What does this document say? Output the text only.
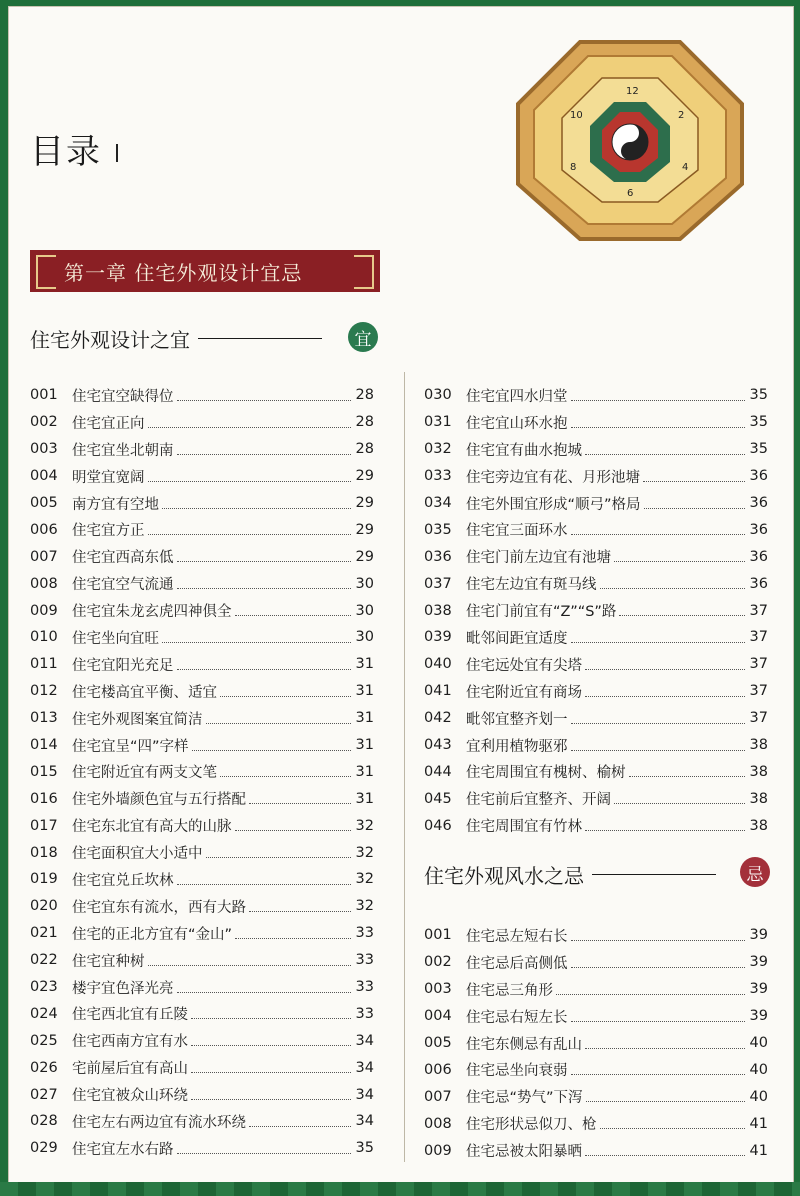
目录
12
2
4
6
8
10
第一章 住宅外观设计宜忌
住宅外观设计之宜	宜
001 住宅宜空缺得位	28
002 住宅宜正向	28
003 住宅宜坐北朝南	28
004 明堂宜宽阔	29
005 南方宜有空地	29
006 住宅宜方正	29
007 住宅宜西高东低	29
008 住宅宜空气流通	30
009 住宅宜朱龙玄虎四神俱全	30
010 住宅坐向宜旺	30
011 住宅宜阳光充足	31
012 住宅楼高宜平衡、适宜	31
013 住宅外观图案宜简洁	31
014 住宅宜呈“四”字样	31
015 住宅附近宜有两支文笔	31
016 住宅外墙颜色宜与五行搭配	31
017 住宅东北宜有高大的山脉	32
018 住宅面积宜大小适中	32
019 住宅宜兑丘坎林	32
020 住宅宜东有流水，西有大路	32
021 住宅的正北方宜有“金山”	33
022 住宅宜种树	33
023 楼宇宜色泽光亮	33
024 住宅西北宜有丘陵	33
025 住宅西南方宜有水	34
026 宅前屋后宜有高山	34
027 住宅宜被众山环绕	34
028 住宅左右两边宜有流水环绕	34
029 住宅宜左水右路	35
030 住宅宜四水归堂	35
031 住宅宜山环水抱	35
032 住宅宜有曲水抱城	35
033 住宅旁边宜有花、月形池塘	36
034 住宅外围宜形成“顺弓”格局	36
035 住宅宜三面环水	36
036 住宅门前左边宜有池塘	36
037 住宅左边宜有斑马线	36
038 住宅门前宜有“Z”“S”路	37
039 毗邻间距宜适度	37
040 住宅远处宜有尖塔	37
041 住宅附近宜有商场	37
042 毗邻宜整齐划一	37
043 宜利用植物驱邪	38
044 住宅周围宜有槐树、榆树	38
045 住宅前后宜整齐、开阔	38
046 住宅周围宜有竹林	38
住宅外观风水之忌	忌
001 住宅忌左短右长	39
002 住宅忌后高侧低	39
003 住宅忌三角形	39
004 住宅忌右短左长	39
005 住宅东侧忌有乱山	40
006 住宅忌坐向衰弱	40
007 住宅忌“势气”下泻	40
008 住宅形状忌似刀、枪	41
009 住宅忌被太阳暴晒	41
